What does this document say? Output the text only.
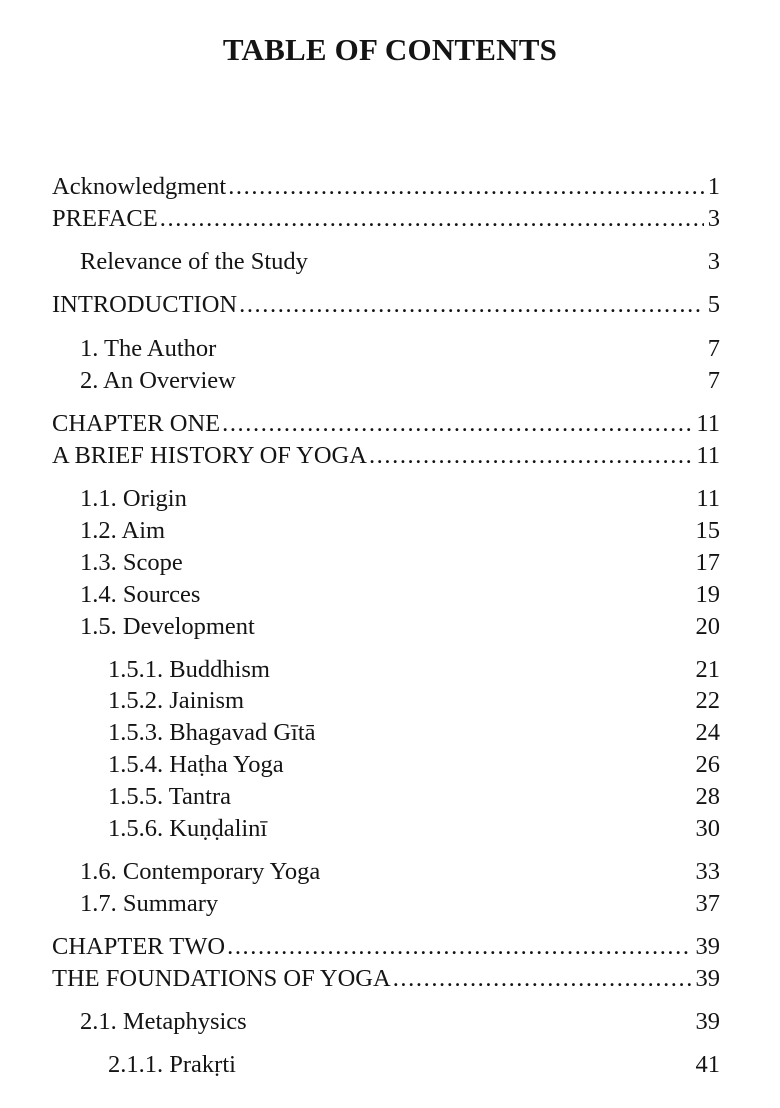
TABLE OF CONTENTS
Acknowledgment .....	1
PREFACE .....	3
Relevance of the Study	3
INTRODUCTION .....	5
1. The Author	7
2. An Overview	7
CHAPTER ONE .....	11
A BRIEF HISTORY OF YOGA .....	11
1.1. Origin	11
1.2. Aim	15
1.3. Scope	17
1.4. Sources	19
1.5. Development	20
1.5.1. Buddhism	21
1.5.2. Jainism	22
1.5.3. Bhagavad Gītā	24
1.5.4. Haṭha Yoga	26
1.5.5. Tantra	28
1.5.6. Kuṇḍalinī	30
1.6. Contemporary Yoga	33
1.7. Summary	37
CHAPTER TWO .....	39
THE FOUNDATIONS OF YOGA .....	39
2.1. Metaphysics	39
2.1.1. Prakṛti	41
